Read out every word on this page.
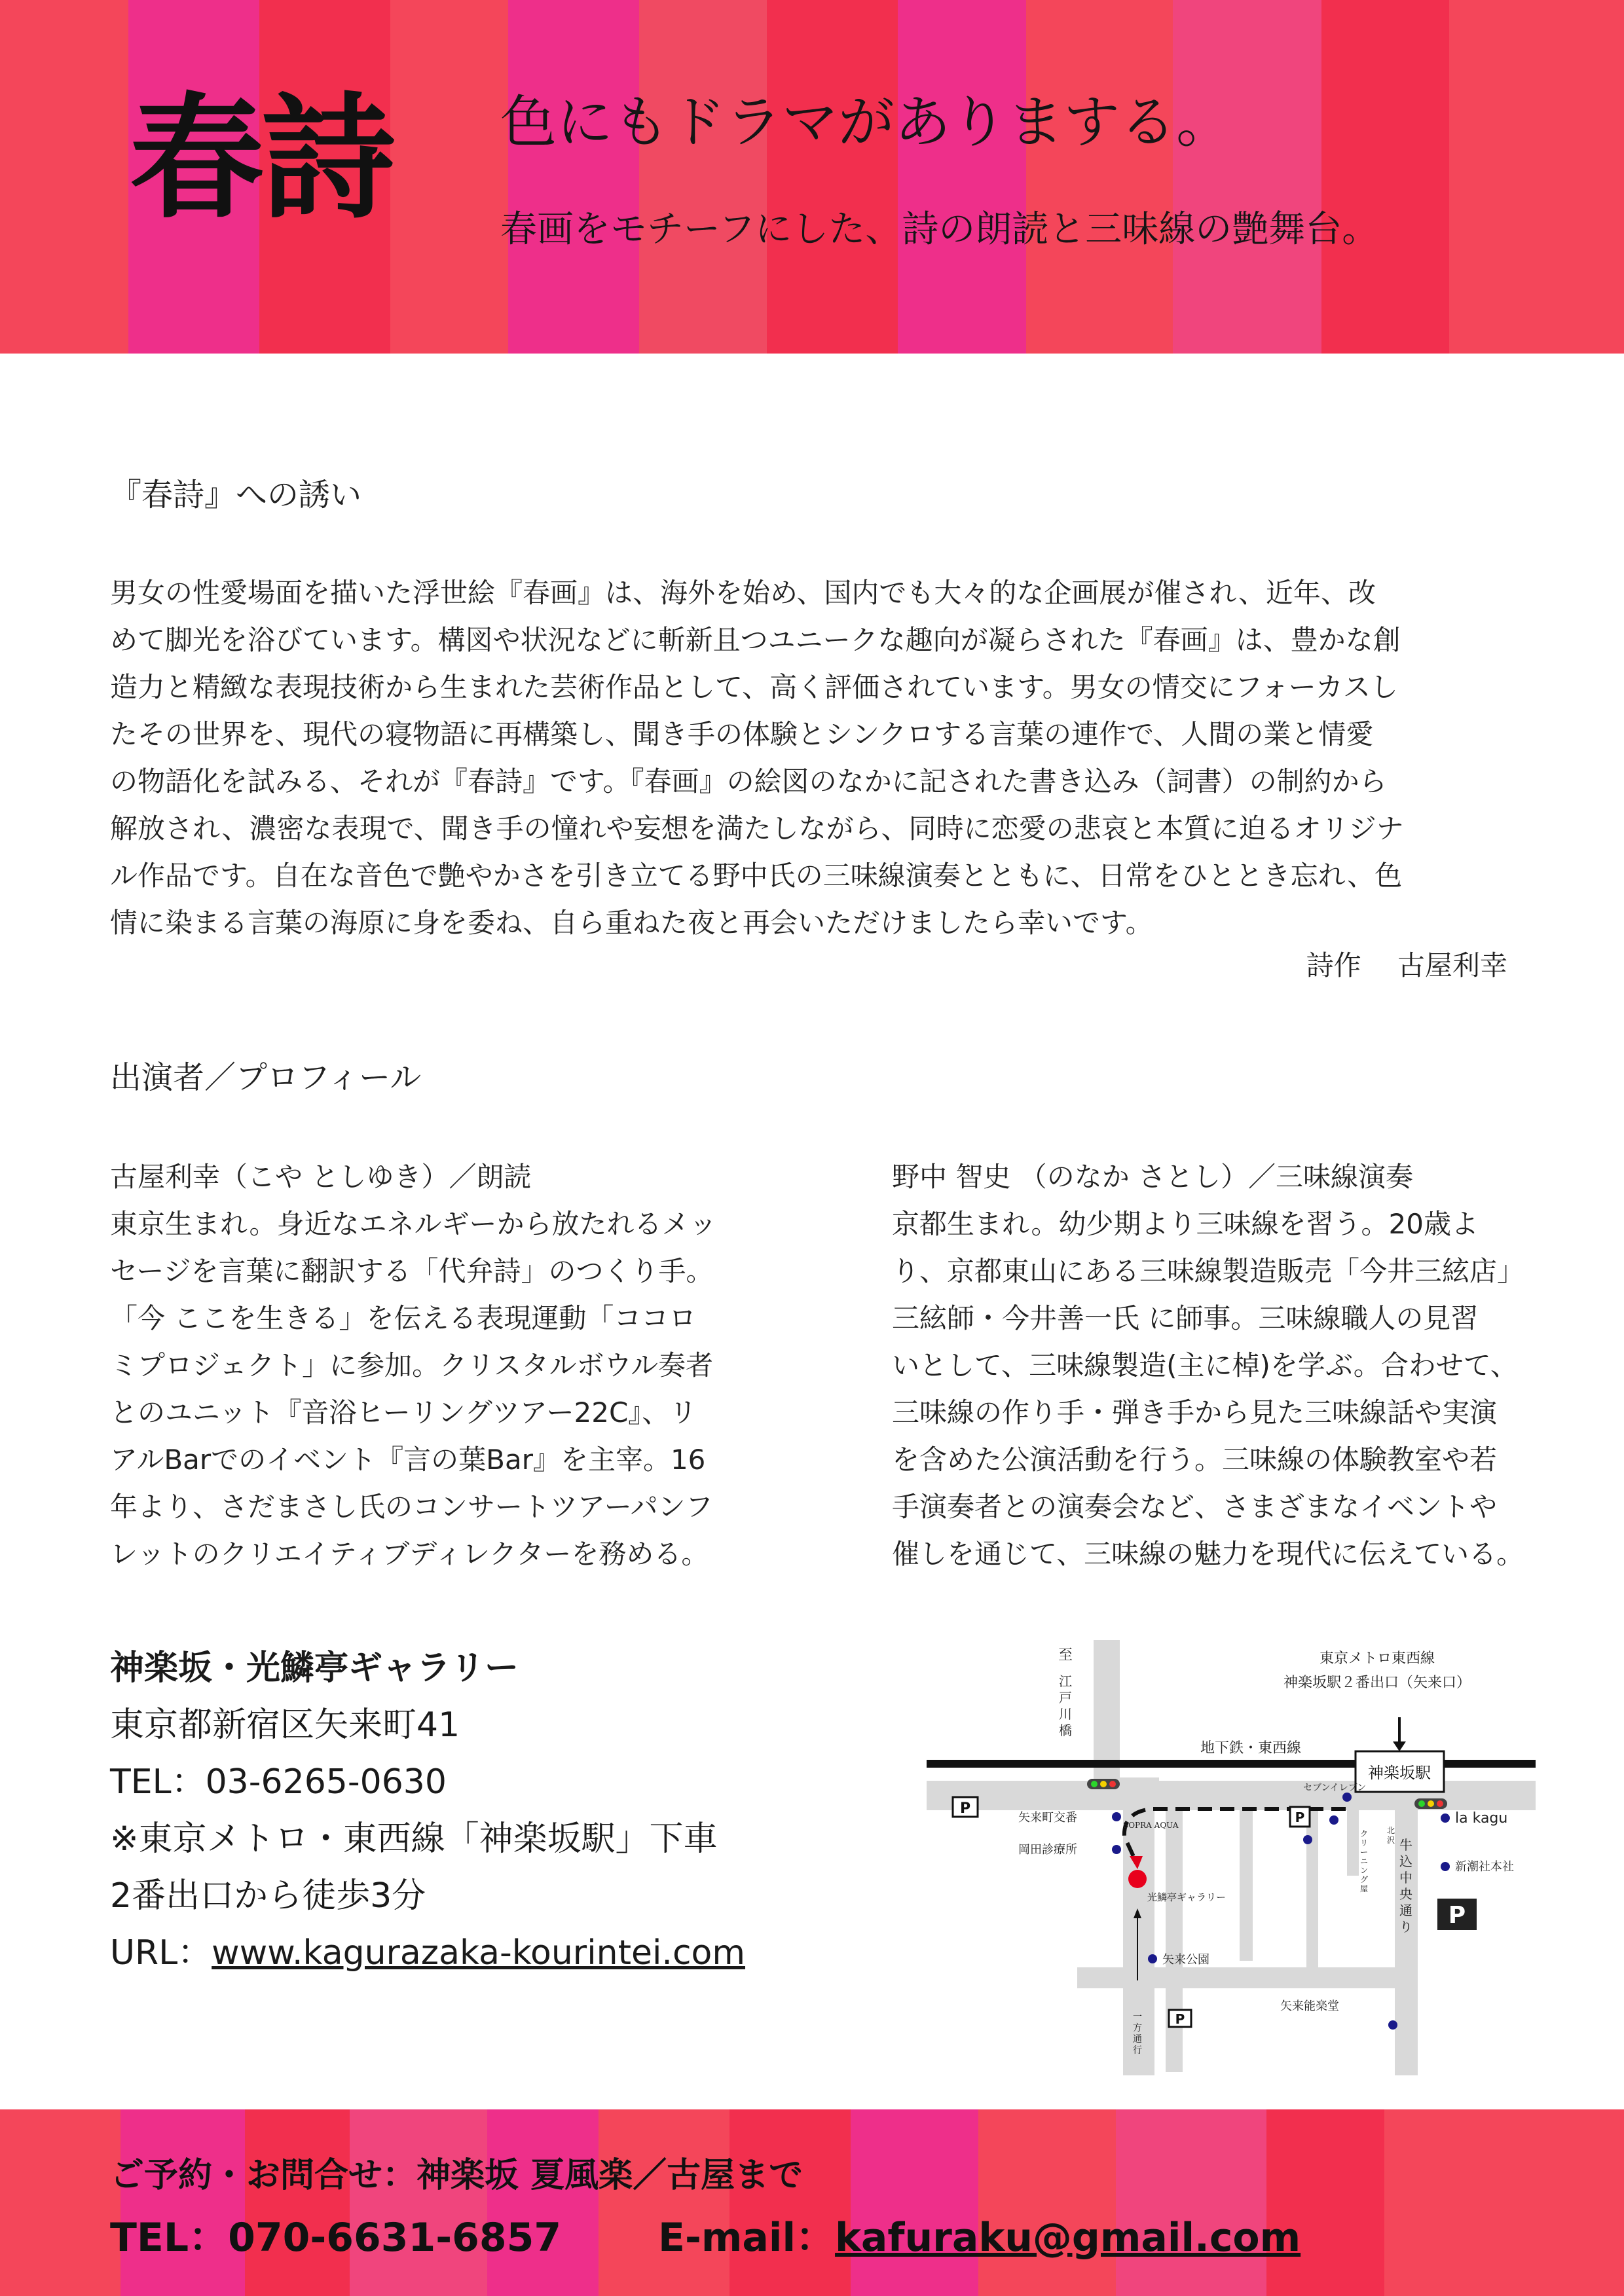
春詩 色にもドラマがありまする。
春画をモチーフにした、詩の朗読と三味線の艶舞台。
『春詩』への誘い

男女の性愛場面を描いた浮世絵『春画』は、海外を始め、国内でも大々的な企画展が催され、近年、改

めて脚光を浴びています。構図や状況などに斬新且つユニークな趣向が凝らされた『春画』は、豊かな創

造力と精緻な表現技術から生まれた芸術作品として、高く評価されています。男女の情交にフォーカスし

たその世界を、現代の寝物語に再構築し、聞き手の体験とシンクロする言葉の連作で、人間の業と情愛

の物語化を試みる、それが『春詩』です。『春画』の絵図のなかに記された書き込み（詞書）の制約から

解放され、濃密な表現で、聞き手の憧れや妄想を満たしながら、同時に恋愛の悲哀と本質に迫るオリジナ

ル作品です。自在な音色で艶やかさを引き立てる野中氏の三味線演奏とともに、日常をひととき忘れ、色

情に染まる言葉の海原に身を委ね、自ら重ねた夜と再会いただけましたら幸いです。

詩作　 古屋利幸
出演者／プロフィール

古屋利幸（こや としゆき）／朗読

東京生まれ。身近なエネルギーから放たれるメッ

セージを言葉に翻訳する「代弁詩」のつくり手。

「今 ここを生きる」を伝える表現運動「ココロ

ミプロジェクト」に参加。クリスタルボウル奏者

とのユニット『音浴ヒーリングツアー22C』、リ

アルBarでのイベント『言の葉Bar』を主宰。16

年より、さだまさし氏のコンサートツアーパンフ

レットのクリエイティブディレクターを務める。

野中 智史 （のなか さとし）／三味線演奏

京都生まれ。幼少期より三味線を習う。20歳よ

り、京都東山にある三味線製造販売「今井三絃店」

三絃師・今井善一氏 に師事。三味線職人の見習

いとして、三味線製造(主に棹)を学ぶ。合わせて、

三味線の作り手・弾き手から見た三味線話や実演

を含めた公演活動を行う。三味線の体験教室や若

手演奏者との演奏会など、さまざまなイベントや

催しを通じて、三味線の魅力を現代に伝えている。

神楽坂・光鱗亭ギャラリー

東京都新宿区矢来町41

TEL：03-6265-0630

※東京メトロ・東西線「神楽坂駅」下車

2番出口から徒歩3分

URL：www.kagurazaka-kourintei.com

神楽坂駅
東京メトロ東西線
神楽坂駅２番出口（矢来口）
地下鉄・東西線
至
江
戸
川
橋
光鱗亭ギャラリー
セブンイレブン
矢来町交番
SOPRA AQUA
岡田診療所
矢来公園
la kagu
新潮社本社
矢来能楽堂
ク
リ
ー
ニ
ン
グ
屋
北
沢 牛
込
中
央
通
り
一
方
通
行
P
P
P
P
ご予約・お問合せ：神楽坂 夏風楽／古屋まで
TEL：070-6631-6857 E-mail：kafuraku@gmail.com
